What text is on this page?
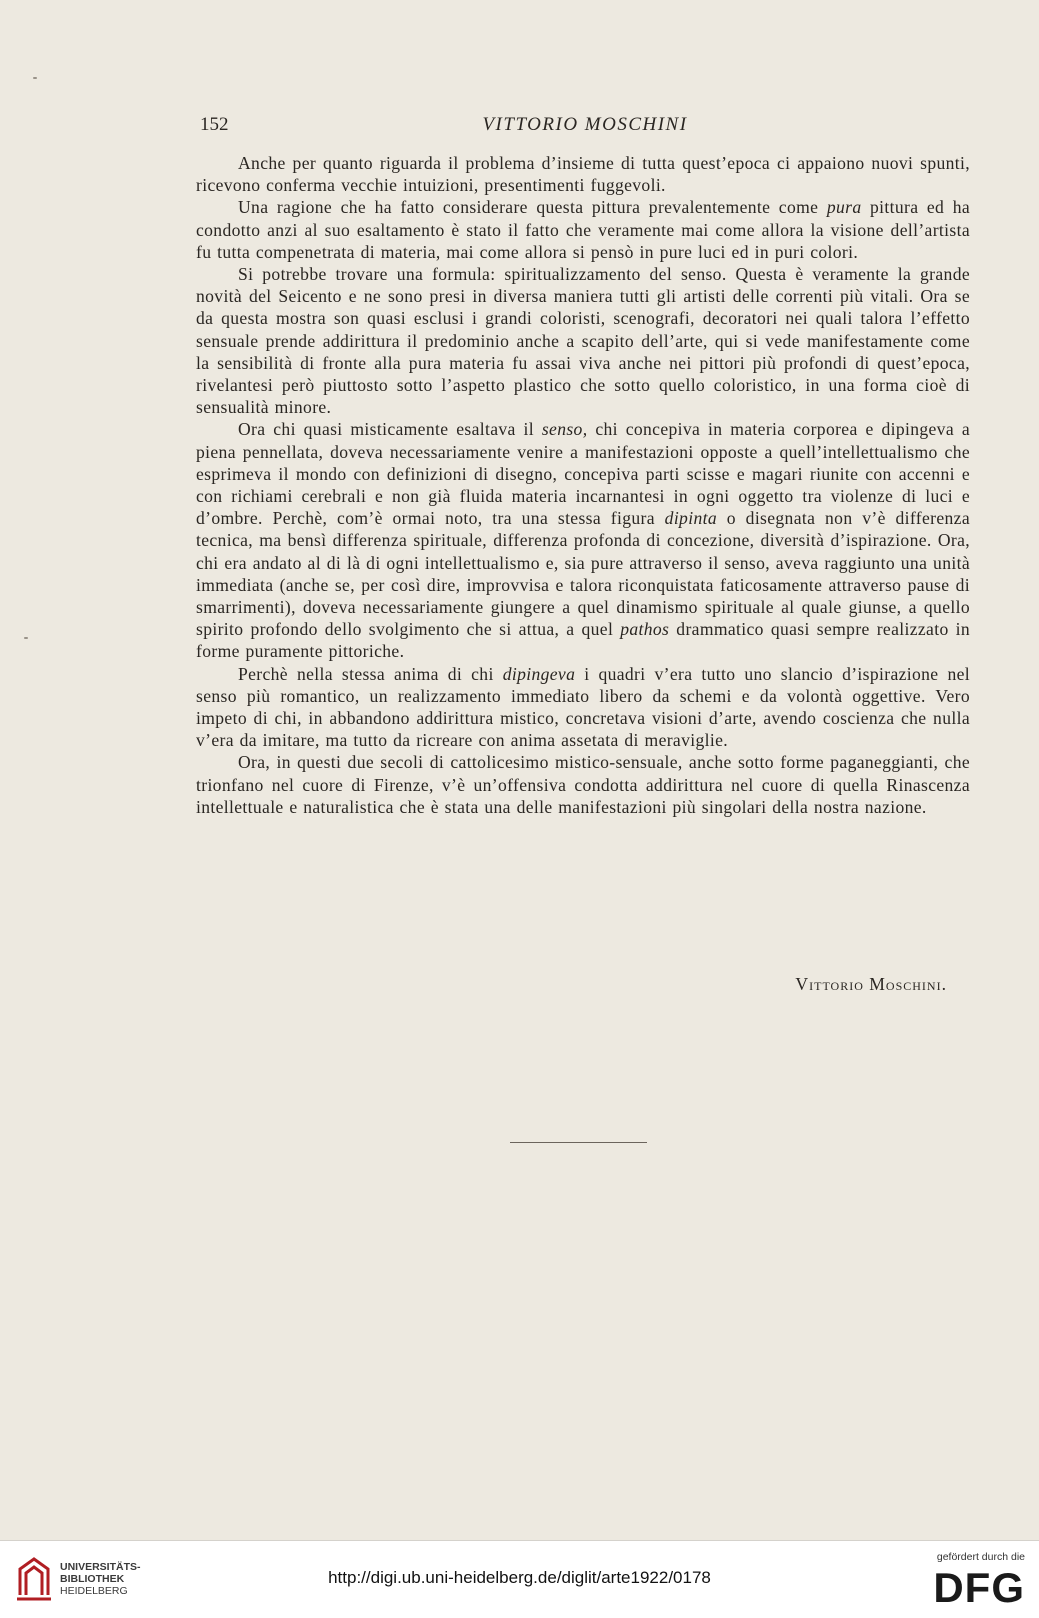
152	VITTORIO MOSCHINI

Anche per quanto riguarda il problema d’insieme di tutta quest’epoca ci appaiono nuovi spunti, ricevono conferma vecchie intuizioni, presentimenti fuggevoli.

Una ragione che ha fatto considerare questa pittura prevalentemente come pura pittura ed ha condotto anzi al suo esaltamento è stato il fatto che veramente mai come allora la visione dell’artista fu tutta compenetrata di materia, mai come allora si pensò in pure luci ed in puri colori.

Si potrebbe trovare una formula: spiritualizzamento del senso. Questa è veramente la grande novità del Seicento e ne sono presi in diversa maniera tutti gli artisti delle correnti più vitali. Ora se da questa mostra son quasi esclusi i grandi coloristi, scenografi, decoratori nei quali talora l’effetto sensuale prende addirittura il predominio anche a scapito dell’arte, qui si vede manifestamente come la sensibilità di fronte alla pura materia fu assai viva anche nei pittori più profondi di quest’epoca, rivelantesi però piuttosto sotto l’aspetto plastico che sotto quello coloristico, in una forma cioè di sensualità minore.

Ora chi quasi misticamente esaltava il senso, chi concepiva in materia corporea e dipingeva a piena pennellata, doveva necessariamente venire a manifestazioni opposte a quell’intellettualismo che esprimeva il mondo con definizioni di disegno, concepiva parti scisse e magari riunite con accenni e con richiami cerebrali e non già fluida materia incarnantesi in ogni oggetto tra violenze di luci e d’ombre. Perchè, com’è ormai noto, tra una stessa figura dipinta o disegnata non v’è differenza tecnica, ma bensì differenza spirituale, differenza profonda di concezione, diversità d’ispirazione. Ora, chi era andato al di là di ogni intellettualismo e, sia pure attraverso il senso, aveva raggiunto una unità immediata (anche se, per così dire, improvvisa e talora riconquistata faticosamente attraverso pause di smarrimenti), doveva necessariamente giungere a quel dinamismo spirituale al quale giunse, a quello spirito profondo dello svolgimento che si attua, a quel pathos drammatico quasi sempre realizzato in forme puramente pittoriche.

Perchè nella stessa anima di chi dipingeva i quadri v’era tutto uno slancio d’ispirazione nel senso più romantico, un realizzamento immediato libero da schemi e da volontà oggettive. Vero impeto di chi, in abbandono addirittura mistico, concretava visioni d’arte, avendo coscienza che nulla v’era da imitare, ma tutto da ricreare con anima assetata di meraviglie.

Ora, in questi due secoli di cattolicesimo mistico-sensuale, anche sotto forme paganeggianti, che trionfano nel cuore di Firenze, v’è un’offensiva condotta addirittura nel cuore di quella Rinascenza intellettuale e naturalistica che è stata una delle manifestazioni più singolari della nostra nazione.

Vittorio Moschini.
UNIVERSITÄTS-
BIBLIOTHEK
HEIDELBERG
http://digi.ub.uni-heidelberg.de/diglit/arte1922/0178
gefördert durch die
DFG
